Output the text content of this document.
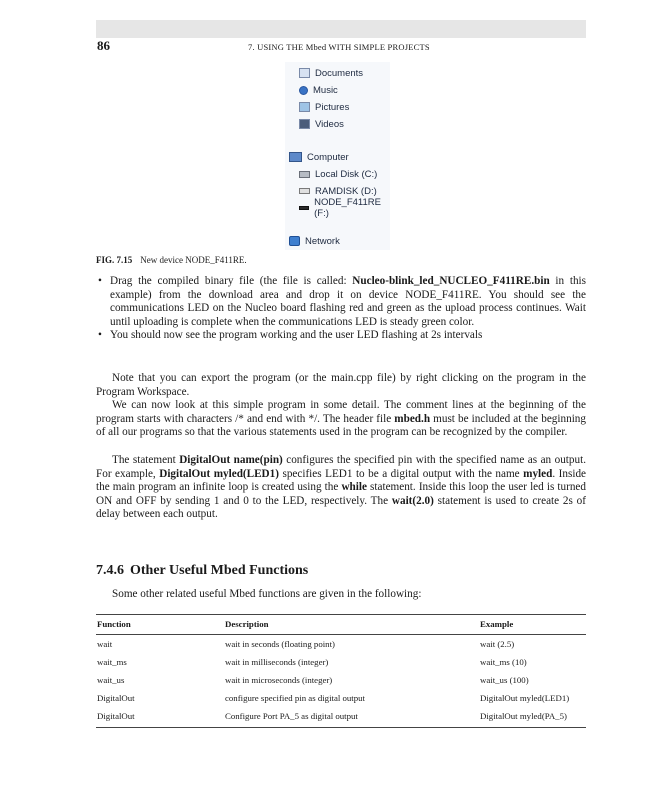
86	7. USING THE Mbed WITH SIMPLE PROJECTS
Documents
Music
Pictures
Videos
Computer
Local Disk (C:)
RAMDISK (D:)
NODE_F411RE (F:)
Network
FIG. 7.15 New device NODE_F411RE.
• Drag the compiled binary file (the file is called: Nucleo-blink_led_NUCLEO_F411RE.bin in this example) from the download area and drop it on device NODE_F411RE. You should see the communications LED on the Nucleo board flashing red and green as the upload process continues. Wait until uploading is complete when the communications LED is steady green color.
• You should now see the program working and the user LED flashing at 2s intervals
Note that you can export the program (or the main.cpp file) by right clicking on the program in the Program Workspace.
We can now look at this simple program in some detail. The comment lines at the beginning of the program starts with characters /* and end with */. The header file mbed.h must be included at the beginning of all our programs so that the various statements used in the program can be recognized by the compiler.
The statement DigitalOut name(pin) configures the specified pin with the specified name as an output. For example, DigitalOut myled(LED1) specifies LED1 to be a digital output with the name myled. Inside the main program an infinite loop is created using the while statement. Inside this loop the user led is turned ON and OFF by sending 1 and 0 to the LED, respectively. The wait(2.0) statement is used to create 2s of delay between each output.
7.4.6 Other Useful Mbed Functions
Some other related useful Mbed functions are given in the following:
Function	Description	Example
wait	wait in seconds (floating point)	wait (2.5)
wait_ms	wait in milliseconds (integer)	wait_ms (10)
wait_us	wait in microseconds (integer)	wait_us (100)
DigitalOut	configure specified pin as digital output	DigitalOut myled(LED1)
DigitalOut	Configure Port PA_5 as digital output	DigitalOut myled(PA_5)
